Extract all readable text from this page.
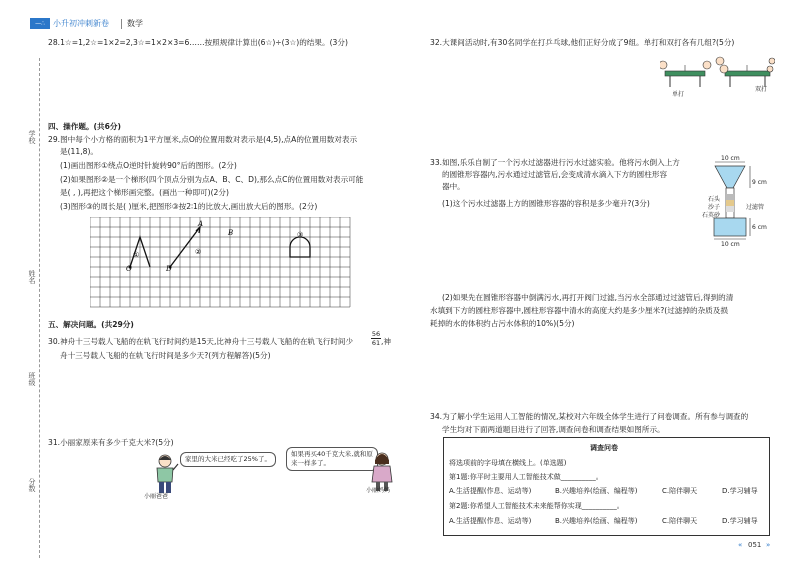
—∴	小升初冲刺新卷 数学
学校
姓名
班级
分数
28.1☆=1,2☆=1×2=2,3☆=1×2×3=6……按照规律计算出(6☆)÷(3☆)的结果。(3分)
四、操作题。(共6分)
29.图中每个小方格的面积为1平方厘米,点O的位置用数对表示是(4,5),点A的位置用数对表示
是(11,8)。
(1)画出图形①绕点O逆时针旋转90°后的图形。(2分)
(2)如果图形②是一个梯形(四个顶点分别为点A、B、C、D),那么点C的位置用数对表示可能
是( , ),再把这个梯形画完整。(画出一种即可)(2分)
(3)图形③的周长是( )厘米,把图形③按2∶1的比放大,画出放大后的图形。(2分)
O
①
D
②
A
B	③
五、解决问题。(共29分)
30.神舟十三号载人飞船的在轨飞行时间约是15天,比神舟十三号载人飞船的在轨飞行时间少	$\frac{56}{61}$ ,神
舟十三号载人飞船的在轨飞行时间是多少天?(列方程解答)(5分)
31.小丽家原来有多少千克大米?(5分)
家里的大米已经吃了25%了。
小丽爸爸
如果再买40千克大米,就和原来一样多了。
小丽妈妈
32.大课间活动时,有30名同学在打乒乓球,他们正好分成了9组。单打和双打各有几组?(5分)
单打
双打
33.如图,乐乐自制了一个污水过滤器进行污水过滤实验。他将污水倒入上方
的圆锥形容器内,污水通过过滤管后,会变成清水滴入下方的圆柱形容
器中。
(1)这个污水过滤器上方的圆锥形容器的容积是多少毫升?(3分)
10 cm
9 cm
石头
沙子
石英砂
过滤管
6 cm
10 cm
(2)如果先在圆锥形容器中倒满污水,再打开阀门过滤,当污水全部通过过滤管后,得到的清
水填到下方的圆柱形容器中,圆柱形容器中清水的高度大约是多少厘米?(过滤掉的杂质及损
耗掉的水的体积约占污水体积的10%)(5分)
34.为了解小学生运用人工智能的情况,某校对六年级全体学生进行了问卷调查。所有参与调查的
学生均对下面两道题目进行了回答,调查问卷和调查结果如图所示。
调查问卷
将选项前的字母填在横线上。(单选题)
第1题:你平时主要用人工智能技术做__________。
A.生活提醒(作息、运动等)	B.兴趣培养(绘画、编程等)	C.陪伴聊天	D.学习辅导
第2题:你希望人工智能技术未来能帮你实现__________。
A.生活提醒(作息、运动等)	B.兴趣培养(绘画、编程等)	C.陪伴聊天	D.学习辅导
« 051 »
